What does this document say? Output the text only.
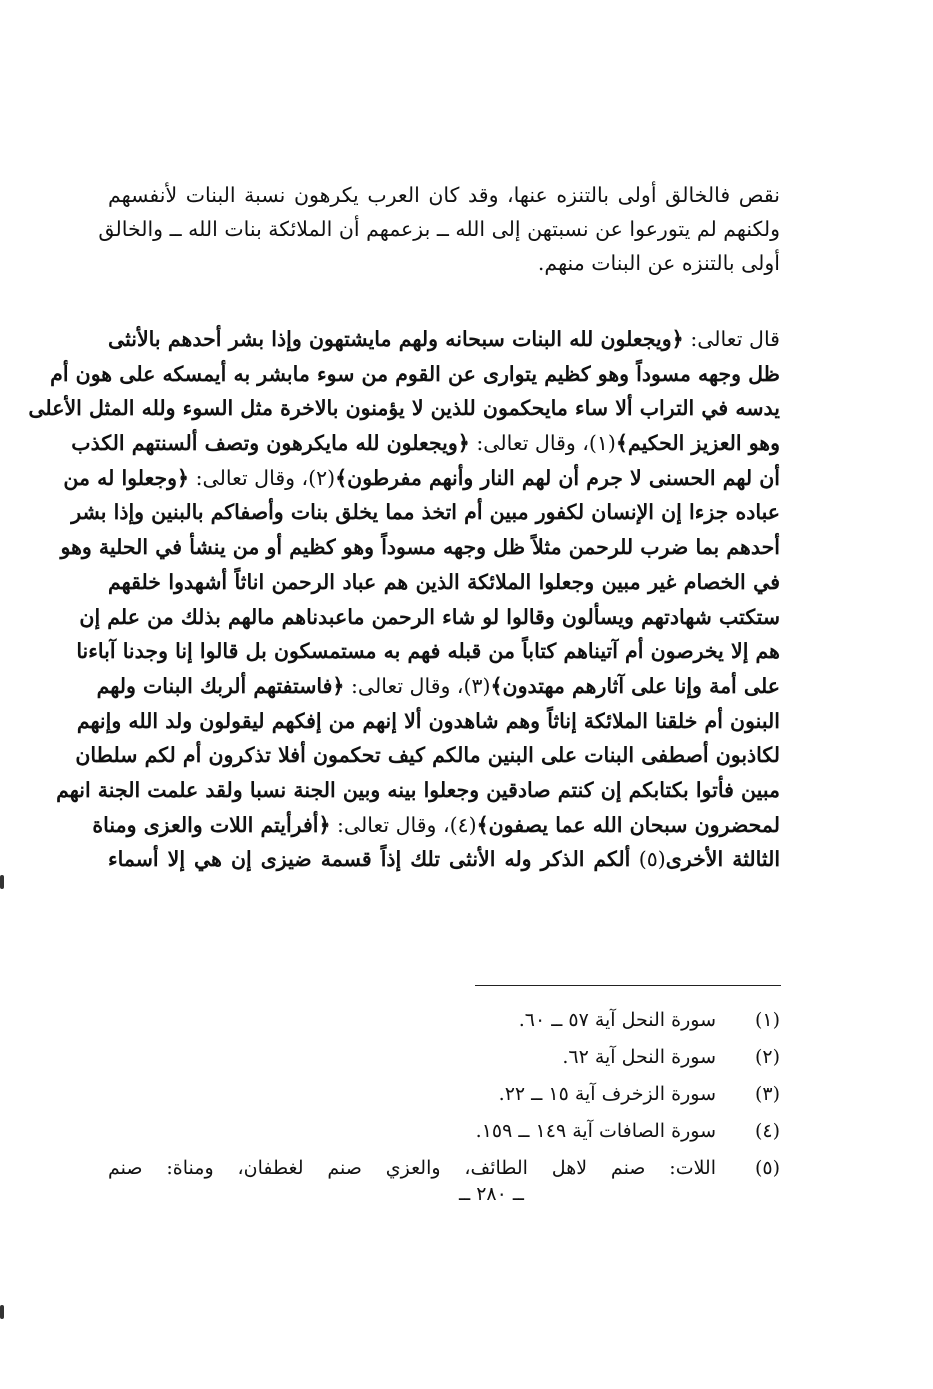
نقص فالخالق أولى بالتنزه عنها، وقد كان العرب يكرهون نسبة البنات لأنفسهم
ولكنهم لم يتورعوا عن نسبتهن إلى الله ــ بزعمهم أن الملائكة بنات الله ــ والخالق
أولى بالتنزه عن البنات منهم.
قال تعالى: ﴿ويجعلون لله البنات سبحانه ولهم مايشتهون وإذا بشر أحدهم بالأنثى
ظل وجهه مسوداً وهو كظيم يتوارى عن القوم من سوء مابشر به أيمسكه على هون أم
يدسه في التراب ألا ساء مايحكمون للذين لا يؤمنون بالاخرة مثل السوء ولله المثل الأعلى
وهو العزيز الحكيم﴾(١)، وقال تعالى: ﴿ويجعلون لله مايكرهون وتصف ألسنتهم الكذب
أن لهم الحسنى لا جرم أن لهم النار وأنهم مفرطون﴾(٢)، وقال تعالى: ﴿وجعلوا له من
عباده جزءا إن الإنسان لكفور مبين أم اتخذ مما يخلق بنات وأصفاكم بالبنين وإذا بشر
أحدهم بما ضرب للرحمن مثلاً ظل وجهه مسوداً وهو كظيم أو من ينشأ في الحلية وهو
في الخصام غير مبين وجعلوا الملائكة الذين هم عباد الرحمن اناثاً أشهدوا خلقهم
ستكتب شهادتهم ويسألون وقالوا لو شاء الرحمن ماعبدناهم مالهم بذلك من علم إن
هم إلا يخرصون أم آتيناهم كتاباً من قبله فهم به مستمسكون بل قالوا إنا وجدنا آباءنا
على أمة وإنا على آثارهم مهتدون﴾(٣)، وقال تعالى: ﴿فاستفتهم ألربك البنات ولهم
البنون أم خلقنا الملائكة إناثاً وهم شاهدون ألا إنهم من إفكهم ليقولون ولد الله وإنهم
لكاذبون أصطفى البنات على البنين مالكم كيف تحكمون أفلا تذكرون أم لكم سلطان
مبين فأتوا بكتابكم إن كنتم صادقين وجعلوا بينه وبين الجنة نسبا ولقد علمت الجنة انهم
لمحضرون سبحان الله عما يصفون﴾(٤)، وقال تعالى: ﴿أفرأيتم اللات والعزى ومناة
الثالثة الأخرى(٥) ألكم الذكر وله الأنثى تلك إذاً قسمة ضيزى إن هي إلا أسماء
(١)سورة النحل آية ٥٧ ــ ٦٠.
(٢)سورة النحل آية ٦٢.
(٣)سورة الزخرف آية ١٥ ــ ٢٢.
(٤)سورة الصافات آية ١٤٩ ــ ١٥٩.
(٥)
اللات: صنم لاهل الطائف، والعزي صنم لغطفان، ومناة: صنم
ــ ٢٨٠ ــ
